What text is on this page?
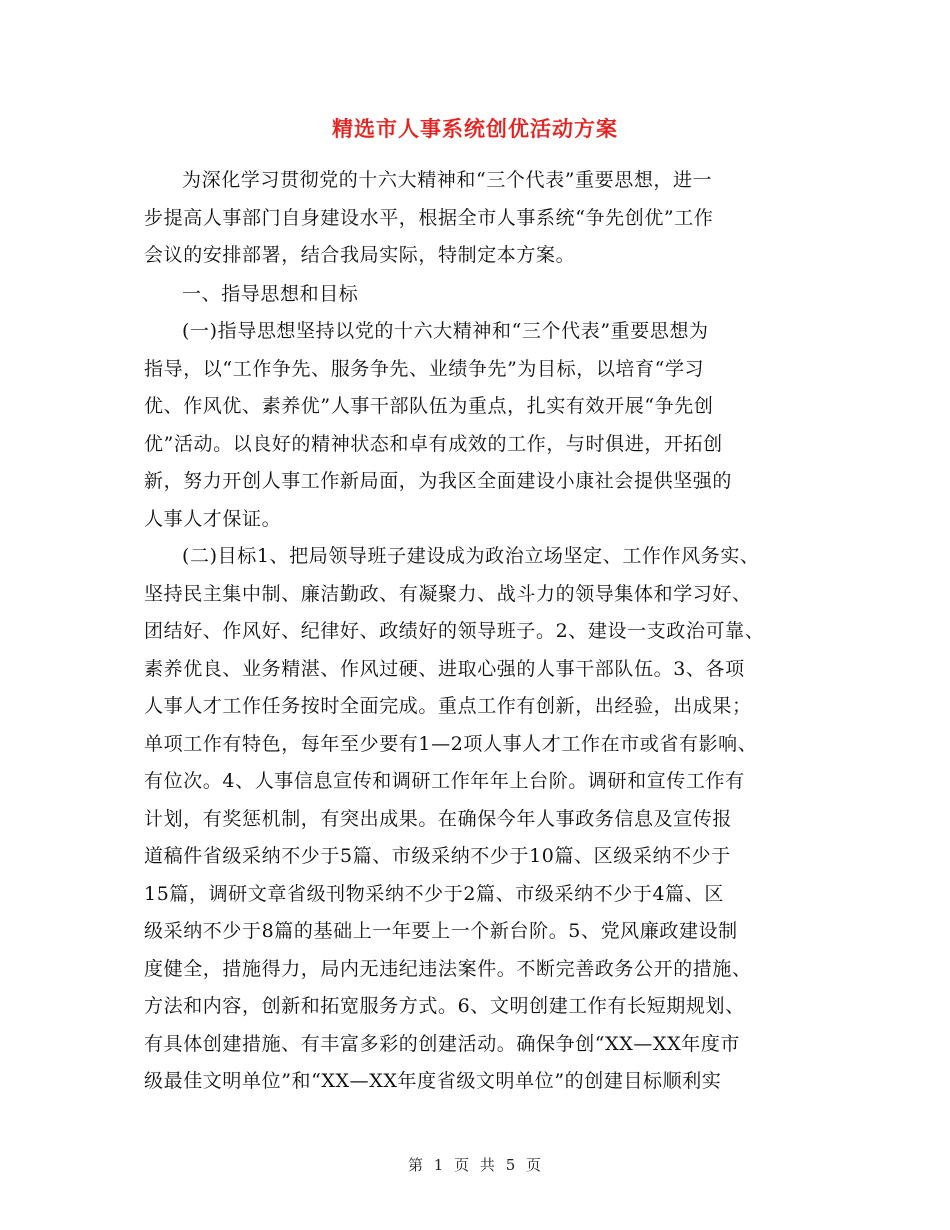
精选市人事系统创优活动方案
为深化学习贯彻党的十六大精神和“三个代表”重要思想，进一
步提高人事部门自身建设水平，根据全市人事系统“争先创优”工作
会议的安排部署，结合我局实际，特制定本方案。
一、指导思想和目标
(一)指导思想坚持以党的十六大精神和“三个代表”重要思想为
指导，以“工作争先、服务争先、业绩争先”为目标，以培育“学习
优、作风优、素养优”人事干部队伍为重点，扎实有效开展“争先创
优”活动。以良好的精神状态和卓有成效的工作，与时俱进，开拓创
新，努力开创人事工作新局面，为我区全面建设小康社会提供坚强的
人事人才保证。
(二)目标1、把局领导班子建设成为政治立场坚定、工作作风务实、
坚持民主集中制、廉洁勤政、有凝聚力、战斗力的领导集体和学习好、
团结好、作风好、纪律好、政绩好的领导班子。2、建设一支政治可靠、
素养优良、业务精湛、作风过硬、进取心强的人事干部队伍。3、各项
人事人才工作任务按时全面完成。重点工作有创新，出经验，出成果；
单项工作有特色，每年至少要有1—2项人事人才工作在市或省有影响、
有位次。4、人事信息宣传和调研工作年年上台阶。调研和宣传工作有
计划，有奖惩机制，有突出成果。在确保今年人事政务信息及宣传报
道稿件省级采纳不少于5篇、市级采纳不少于10篇、区级采纳不少于
15篇，调研文章省级刊物采纳不少于2篇、市级采纳不少于4篇、区
级采纳不少于8篇的基础上一年要上一个新台阶。5、党风廉政建设制
度健全，措施得力，局内无违纪违法案件。不断完善政务公开的措施、
方法和内容，创新和拓宽服务方式。6、文明创建工作有长短期规划、
有具体创建措施、有丰富多彩的创建活动。确保争创“XX—XX年度市
级最佳文明单位”和“XX—XX年度省级文明单位”的创建目标顺利实
第 1 页 共 5 页
